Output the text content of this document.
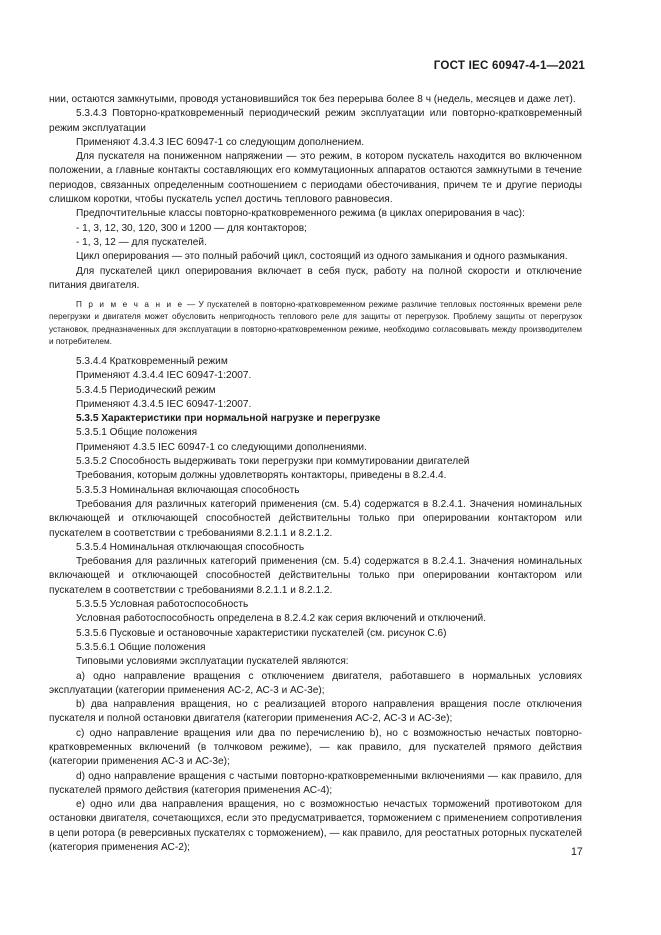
ГОСТ IEC 60947-4-1—2021

нии, остаются замкнутыми, проводя установившийся ток без перерыва более 8 ч (недель, месяцев и даже лет).

5.3.4.3 Повторно-кратковременный периодический режим эксплуатации или повторно-кратковременный режим эксплуатации

Применяют 4.3.4.3 IEC 60947-1 со следующим дополнением.

Для пускателя на пониженном напряжении — это режим, в котором пускатель находится во включенном положении, а главные контакты составляющих его коммутационных аппаратов остаются замкнутыми в течение периодов, связанных определенным соотношением с периодами обесточивания, причем те и другие периоды слишком коротки, чтобы пускатель успел достичь теплового равновесия.

Предпочтительные классы повторно-кратковременного режима (в циклах оперирования в час):

- 1, 3, 12, 30, 120, 300 и 1200 — для контакторов;

- 1, 3, 12 — для пускателей.

Цикл оперирования — это полный рабочий цикл, состоящий из одного замыкания и одного размыкания.

Для пускателей цикл оперирования включает в себя пуск, работу на полной скорости и отключение питания двигателя.

П р и м е ч а н и е — У пускателей в повторно-кратковременном режиме различие тепловых постоянных времени реле перегрузки и двигателя может обусловить непригодность теплового реле для защиты от перегрузок. Проблему защиты от перегрузок установок, предназначенных для эксплуатации в повторно-кратковременном режиме, необходимо согласовывать между производителем и потребителем.

5.3.4.4 Кратковременный режим

Применяют 4.3.4.4 IEC 60947-1:2007.

5.3.4.5 Периодический режим

Применяют 4.3.4.5 IEC 60947-1:2007.

5.3.5 Характеристики при нормальной нагрузке и перегрузке

5.3.5.1 Общие положения

Применяют 4.3.5 IEC 60947-1 со следующими дополнениями.

5.3.5.2 Способность выдерживать токи перегрузки при коммутировании двигателей

Требования, которым должны удовлетворять контакторы, приведены в 8.2.4.4.

5.3.5.3 Номинальная включающая способность

Требования для различных категорий применения (см. 5.4) содержатся в 8.2.4.1. Значения номинальных включающей и отключающей способностей действительны только при оперировании контактором или пускателем в соответствии с требованиями 8.2.1.1 и 8.2.1.2.

5.3.5.4 Номинальная отключающая способность

Требования для различных категорий применения (см. 5.4) содержатся в 8.2.4.1. Значения номинальных включающей и отключающей способностей действительны только при оперировании контактором или пускателем в соответствии с требованиями 8.2.1.1 и 8.2.1.2.

5.3.5.5 Условная работоспособность

Условная работоспособность определена в 8.2.4.2 как серия включений и отключений.

5.3.5.6 Пусковые и остановочные характеристики пускателей (см. рисунок С.6)

5.3.5.6.1 Общие положения

Типовыми условиями эксплуатации пускателей являются:

a) одно направление вращения с отключением двигателя, работавшего в нормальных условиях эксплуатации (категории применения АС-2, АС-3 и АС-3е);

b) два направления вращения, но с реализацией второго направления вращения после отключения пускателя и полной остановки двигателя (категории применения АС-2, АС-3 и АС-3е);

c) одно направление вращения или два по перечислению b), но с возможностью нечастых повторно-кратковременных включений (в толчковом режиме), — как правило, для пускателей прямого действия (категории применения АС-3 и АС-3е);

d) одно направление вращения с частыми повторно-кратковременными включениями — как правило, для пускателей прямого действия (категория применения АС-4);

e) одно или два направления вращения, но с возможностью нечастых торможений противотоком для остановки двигателя, сочетающихся, если это предусматривается, торможением с применением сопротивления в цепи ротора (в реверсивных пускателях с торможением), — как правило, для реостатных роторных пускателей (категория применения АС-2);	17
